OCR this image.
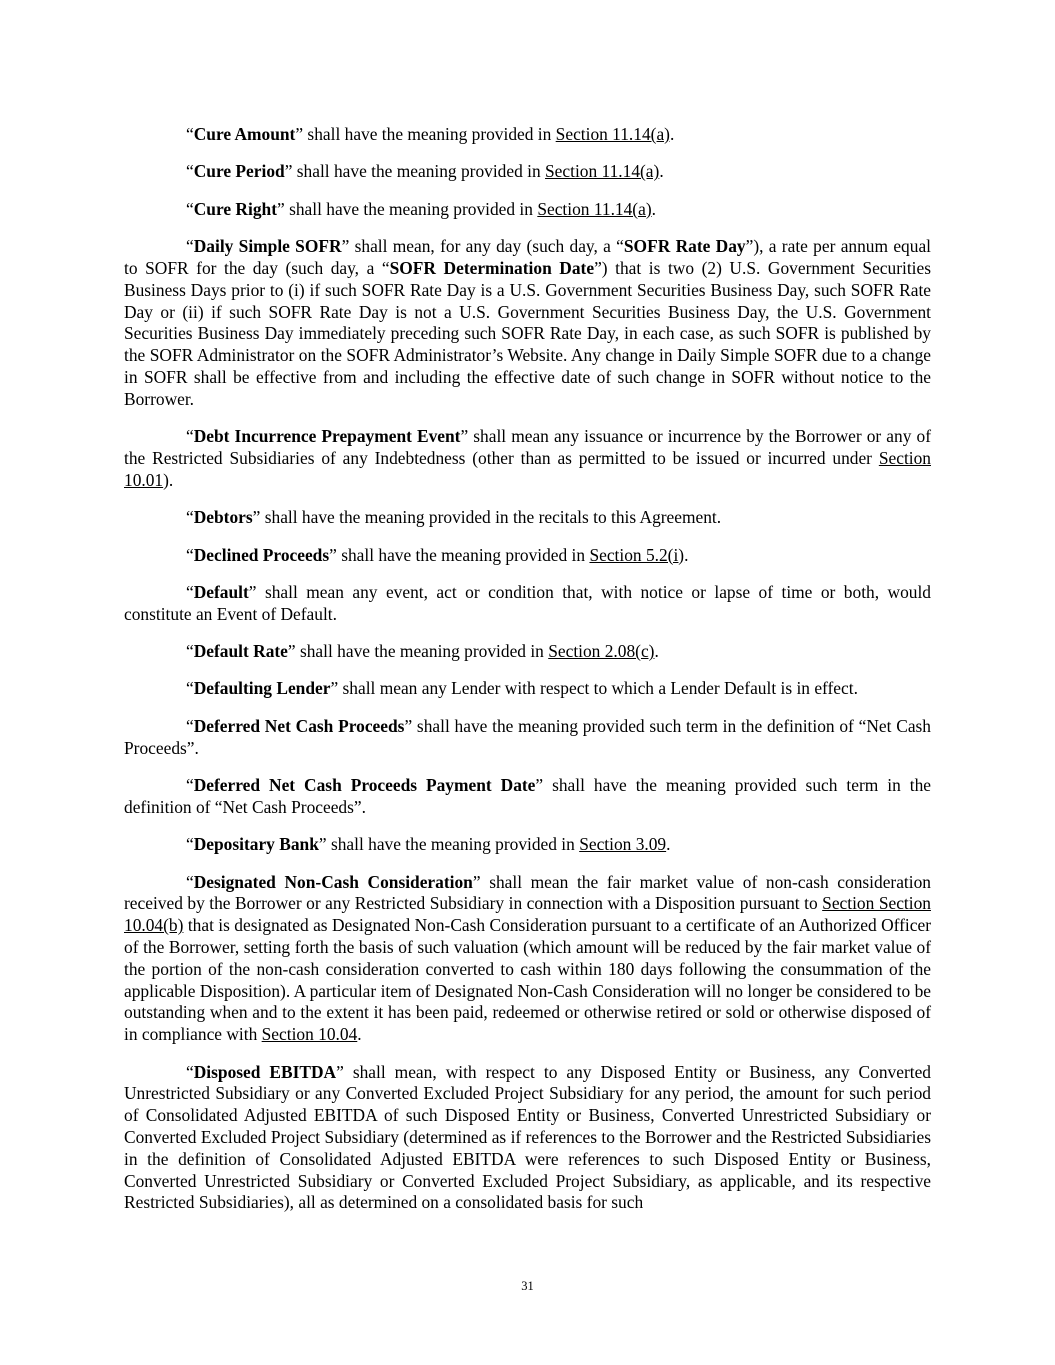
“Cure Amount” shall have the meaning provided in Section 11.14(a).

“Cure Period” shall have the meaning provided in Section 11.14(a).

“Cure Right” shall have the meaning provided in Section 11.14(a).

“Daily Simple SOFR” shall mean, for any day (such day, a “SOFR Rate Day”), a rate per annum equal to SOFR for the day (such day, a “SOFR Determination Date”) that is two (2) U.S. Government Securities Business Days prior to (i) if such SOFR Rate Day is a U.S. Government Securities Business Day, such SOFR Rate Day or (ii) if such SOFR Rate Day is not a U.S. Government Securities Business Day, the U.S. Government Securities Business Day immediately preceding such SOFR Rate Day, in each case, as such SOFR is published by the SOFR Administrator on the SOFR Administrator’s Website. Any change in Daily Simple SOFR due to a change in SOFR shall be effective from and including the effective date of such change in SOFR without notice to the Borrower.

“Debt Incurrence Prepayment Event” shall mean any issuance or incurrence by the Borrower or any of the Restricted Subsidiaries of any Indebtedness (other than as permitted to be issued or incurred under Section 10.01).

“Debtors” shall have the meaning provided in the recitals to this Agreement.

“Declined Proceeds” shall have the meaning provided in Section 5.2(i).

“Default” shall mean any event, act or condition that, with notice or lapse of time or both, would constitute an Event of Default.

“Default Rate” shall have the meaning provided in Section 2.08(c).

“Defaulting Lender” shall mean any Lender with respect to which a Lender Default is in effect.

“Deferred Net Cash Proceeds” shall have the meaning provided such term in the definition of “Net Cash Proceeds”.

“Deferred Net Cash Proceeds Payment Date” shall have the meaning provided such term in the definition of “Net Cash Proceeds”.

“Depositary Bank” shall have the meaning provided in Section 3.09.

“Designated Non-Cash Consideration” shall mean the fair market value of non-cash consideration received by the Borrower or any Restricted Subsidiary in connection with a Disposition pursuant to Section Section 10.04(b) that is designated as Designated Non-Cash Consideration pursuant to a certificate of an Authorized Officer of the Borrower, setting forth the basis of such valuation (which amount will be reduced by the fair market value of the portion of the non-cash consideration converted to cash within 180 days following the consummation of the applicable Disposition). A particular item of Designated Non-Cash Consideration will no longer be considered to be outstanding when and to the extent it has been paid, redeemed or otherwise retired or sold or otherwise disposed of in compliance with Section 10.04.

“Disposed EBITDA” shall mean, with respect to any Disposed Entity or Business, any Converted Unrestricted Subsidiary or any Converted Excluded Project Subsidiary for any period, the amount for such period of Consolidated Adjusted EBITDA of such Disposed Entity or Business, Converted Unrestricted Subsidiary or Converted Excluded Project Subsidiary (determined as if references to the Borrower and the Restricted Subsidiaries in the definition of Consolidated Adjusted EBITDA were references to such Disposed Entity or Business, Converted Unrestricted Subsidiary or Converted Excluded Project Subsidiary, as applicable, and its respective Restricted Subsidiaries), all as determined on a consolidated basis for such

31
